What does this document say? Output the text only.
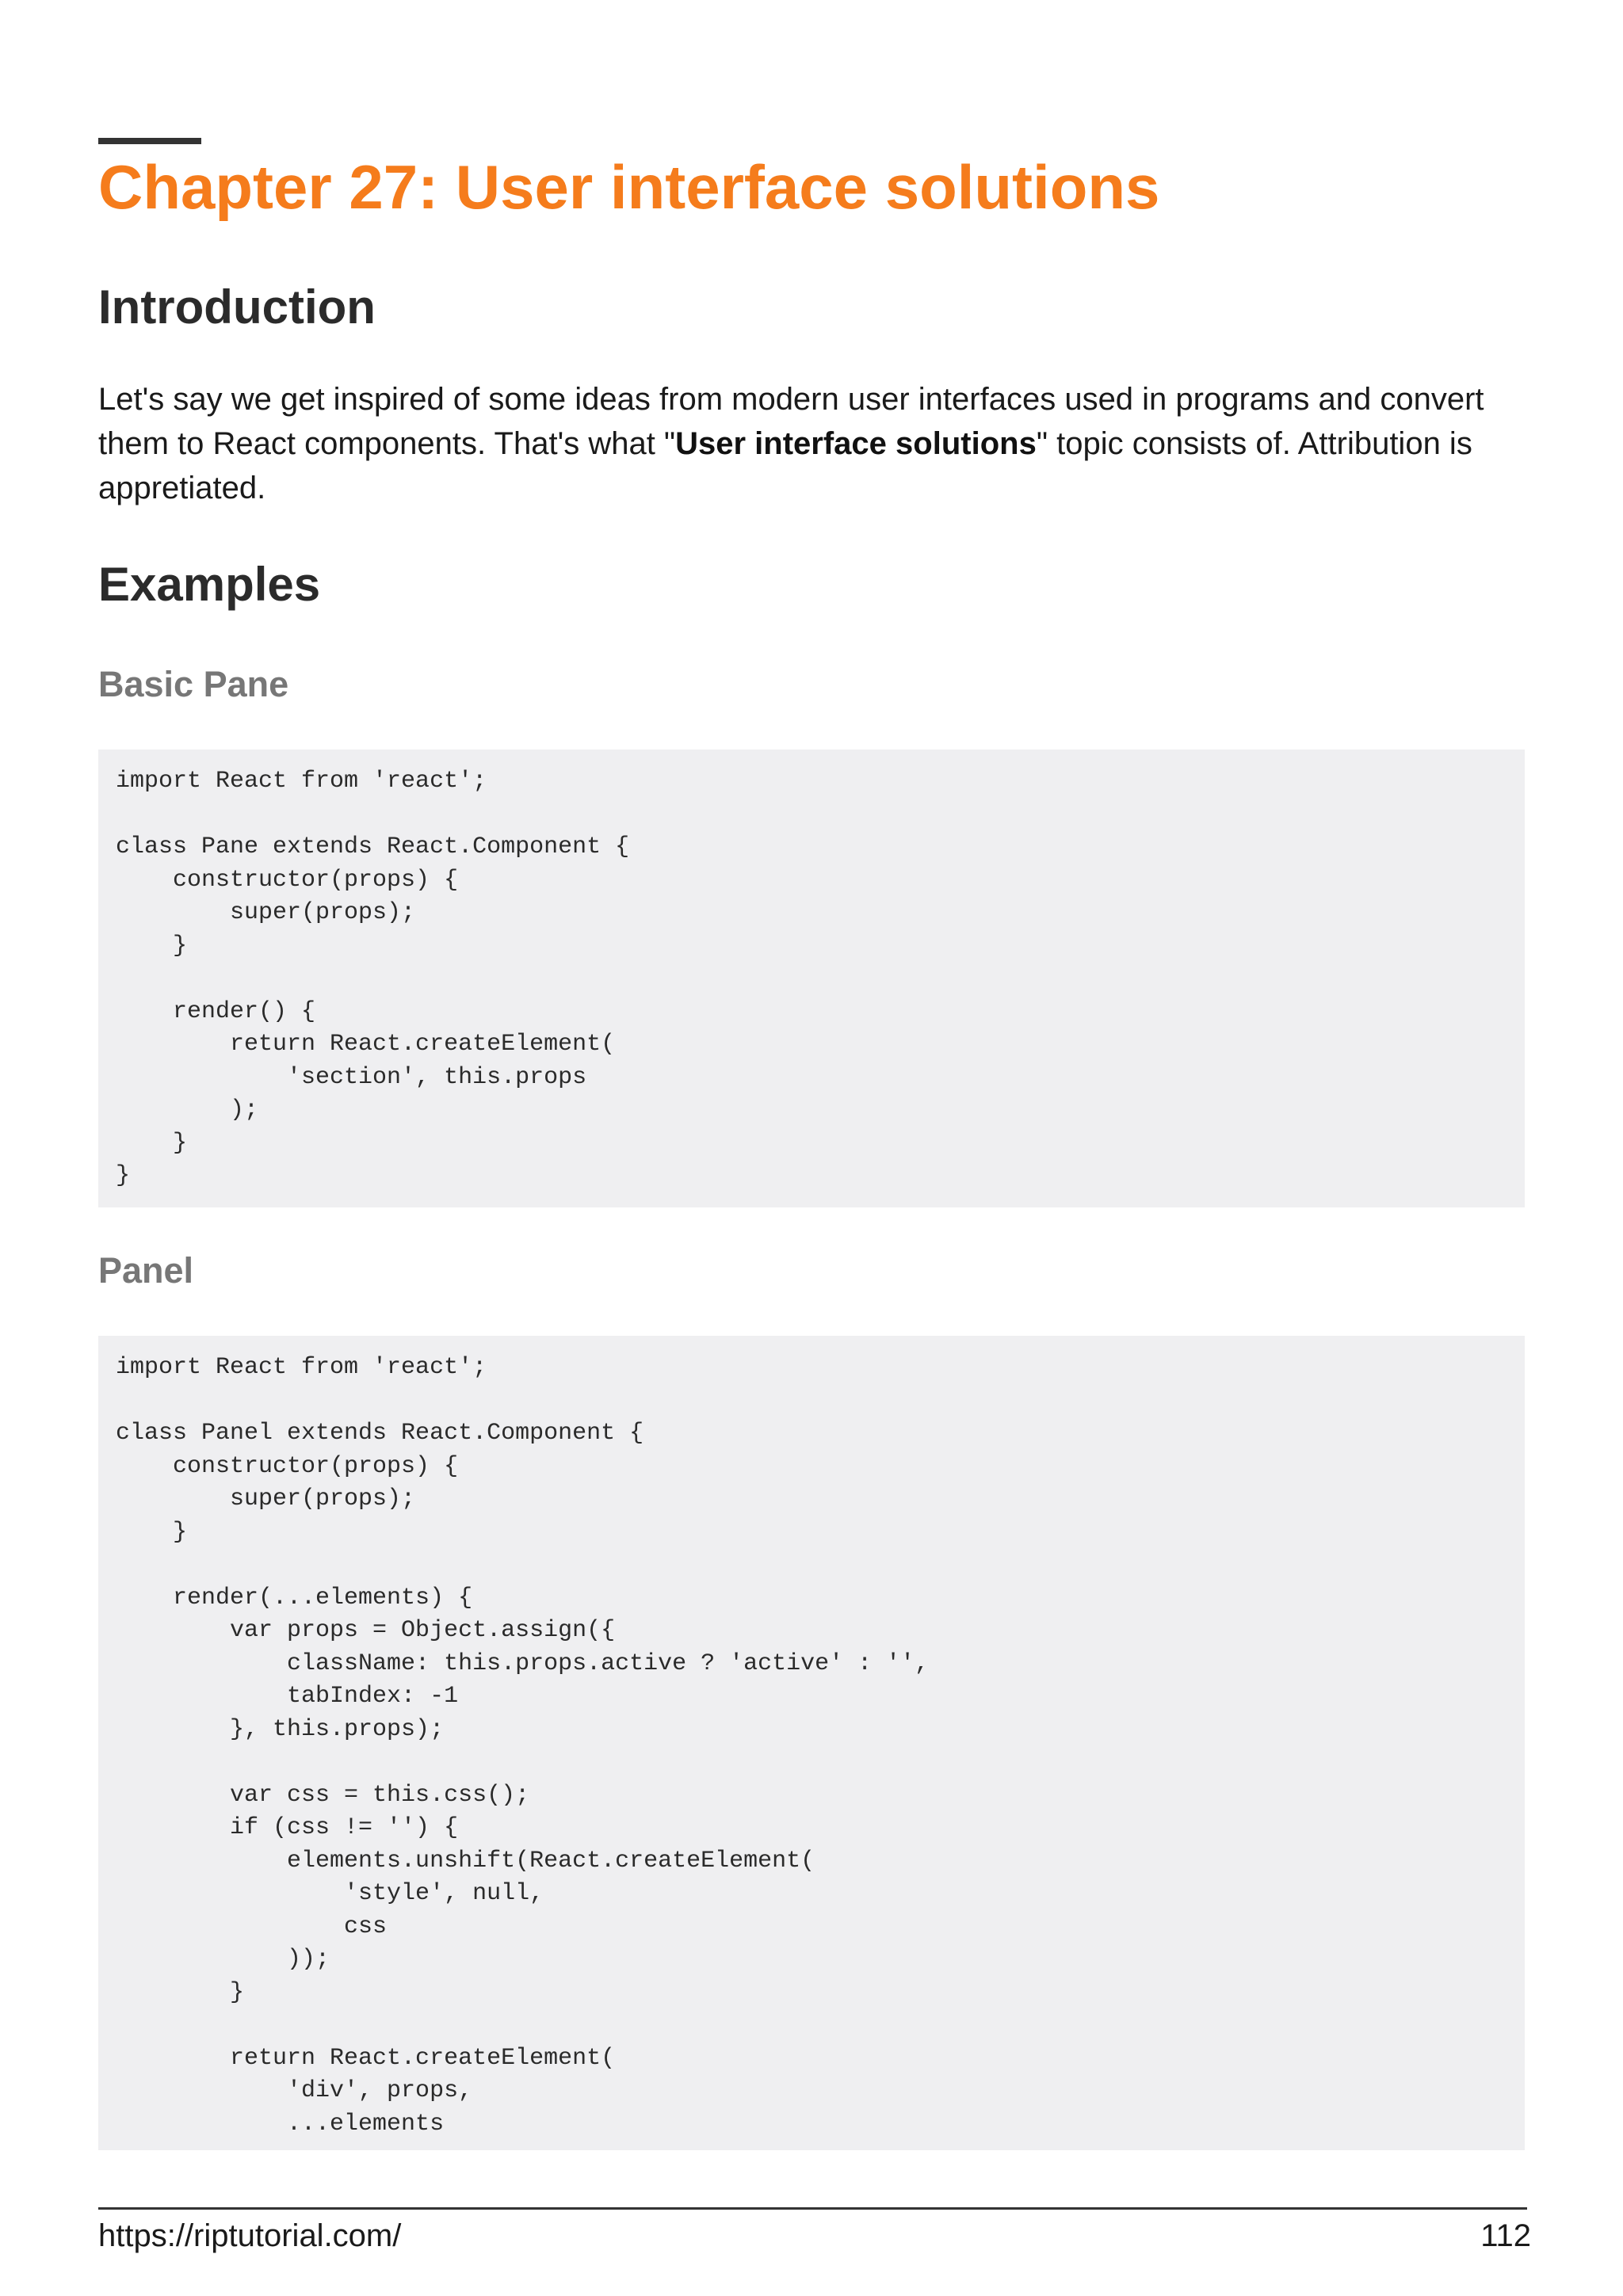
Chapter 27: User interface solutions
Introduction

Let's say we get inspired of some ideas from modern user interfaces used in programs and convert them to React components. That's what "User interface solutions" topic consists of. Attribution is appretiated.

Examples
Basic Pane
import React from 'react';

class Pane extends React.Component {
constructor(props) {
super(props);
}

render() {
return React.createElement(
'section', this.props
);
}
}
Panel
import React from 'react';

class Panel extends React.Component {
constructor(props) {
super(props);
}

render(...elements) {
var props = Object.assign({
className: this.props.active ? 'active' : '',
tabIndex: -1
}, this.props);

var css = this.css();
if (css != '') {
elements.unshift(React.createElement(
'style', null,
css
));
}

return React.createElement(
'div', props,
...elements

https://riptutorial.com/	112
